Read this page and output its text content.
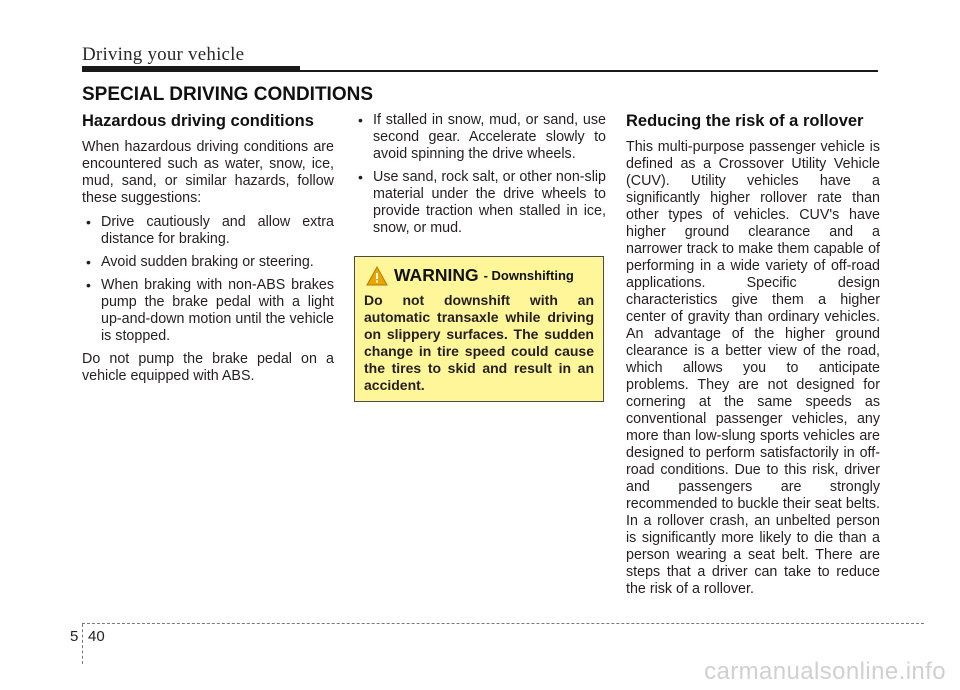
Driving your vehicle
SPECIAL DRIVING CONDITIONS
Hazardous driving conditions

When hazardous driving conditions are encountered such as water, snow, ice, mud, sand, or similar hazards, follow these suggestions:

• Drive cautiously and allow extra distance for braking.
• Avoid sudden braking or steering.
• When braking with non-ABS brakes pump the brake pedal with a light up-and-down motion until the vehicle is stopped.

Do not pump the brake pedal on a vehicle equipped with ABS.

• If stalled in snow, mud, or sand, use second gear. Accelerate slowly to avoid spinning the drive wheels.
• Use sand, rock salt, or other non-slip material under the drive wheels to provide traction when stalled in ice, snow, or mud.
WARNING - Downshifting

Do not downshift with an automatic transaxle while driving on slippery surfaces. The sudden change in tire speed could cause the tires to skid and result in an accident.

Reducing the risk of a rollover

This multi-purpose passenger vehicle is defined as a Crossover Utility Vehicle (CUV). Utility vehicles have a significantly higher rollover rate than other types of vehicles. CUV's have higher ground clearance and a narrower track to make them capable of performing in a wide variety of off-road applications. Specific design characteristics give them a higher center of gravity than ordinary vehicles. An advantage of the higher ground clearance is a better view of the road, which allows you to anticipate problems. They are not designed for cornering at the same speeds as conventional passenger vehicles, any more than low-slung sports vehicles are designed to perform satisfactorily in off-road conditions. Due to this risk, driver and passengers are strongly recommended to buckle their seat belts. In a rollover crash, an unbelted person is significantly more likely to die than a person wearing a seat belt. There are steps that a driver can take to reduce the risk of a rollover.

5 40
carmanualsonline.info
